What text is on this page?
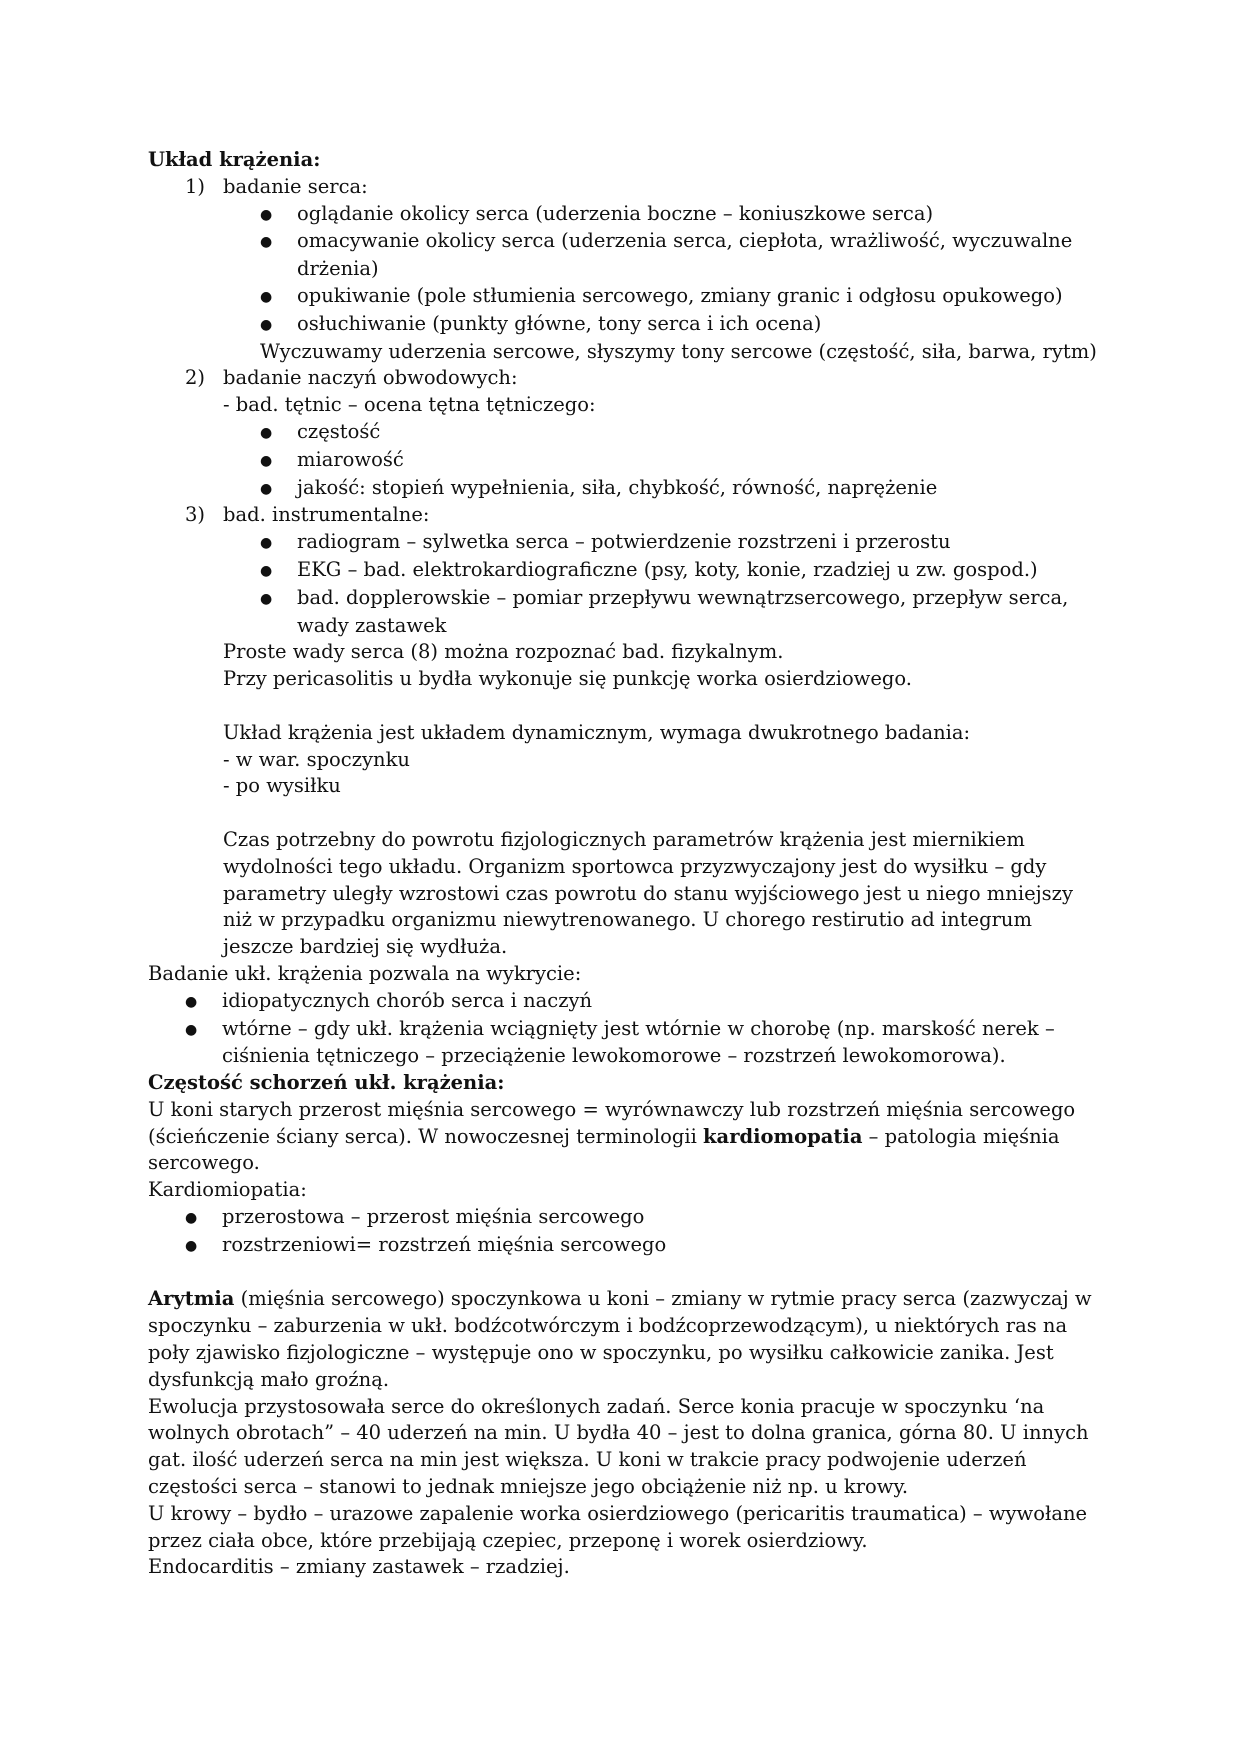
Układ krążenia:
1) badanie serca:
● oglądanie okolicy serca (uderzenia boczne – koniuszkowe serca)
● omacywanie okolicy serca (uderzenia serca, ciepłota, wrażliwość, wyczuwalne
drżenia)
● opukiwanie (pole stłumienia sercowego, zmiany granic i odgłosu opukowego)
● osłuchiwanie (punkty główne, tony serca i ich ocena)
Wyczuwamy uderzenia sercowe, słyszymy tony sercowe (częstość, siła, barwa, rytm)
2) badanie naczyń obwodowych:
- bad. tętnic – ocena tętna tętniczego:
● częstość
● miarowość
● jakość: stopień wypełnienia, siła, chybkość, równość, naprężenie
3) bad. instrumentalne:
● radiogram – sylwetka serca – potwierdzenie rozstrzeni i przerostu
● EKG – bad. elektrokardiograficzne (psy, koty, konie, rzadziej u zw. gospod.)
● bad. dopplerowskie – pomiar przepływu wewnątrzsercowego, przepływ serca,
wady zastawek
Proste wady serca (8) można rozpoznać bad. fizykalnym.
Przy pericasolitis u bydła wykonuje się punkcję worka osierdziowego.
Układ krążenia jest układem dynamicznym, wymaga dwukrotnego badania:
- w war. spoczynku
- po wysiłku
Czas potrzebny do powrotu fizjologicznych parametrów krążenia jest miernikiem
wydolności tego układu. Organizm sportowca przyzwyczajony jest do wysiłku – gdy
parametry uległy wzrostowi czas powrotu do stanu wyjściowego jest u niego mniejszy
niż w przypadku organizmu niewytrenowanego. U chorego restirutio ad integrum
jeszcze bardziej się wydłuża.
Badanie ukł. krążenia pozwala na wykrycie:
● idiopatycznych chorób serca i naczyń
● wtórne – gdy ukł. krążenia wciągnięty jest wtórnie w chorobę (np. marskość nerek –
ciśnienia tętniczego – przeciążenie lewokomorowe – rozstrzeń lewokomorowa).
Częstość schorzeń ukł. krążenia:
U koni starych przerost mięśnia sercowego = wyrównawczy lub rozstrzeń mięśnia sercowego
(ścieńczenie ściany serca). W nowoczesnej terminologii kardiomopatia – patologia mięśnia
sercowego.
Kardiomiopatia:
● przerostowa – przerost mięśnia sercowego
● rozstrzeniowi= rozstrzeń mięśnia sercowego
Arytmia (mięśnia sercowego) spoczynkowa u koni – zmiany w rytmie pracy serca (zazwyczaj w
spoczynku – zaburzenia w ukł. bodźcotwórczym i bodźcoprzewodzącym), u niektórych ras na
poły zjawisko fizjologiczne – występuje ono w spoczynku, po wysiłku całkowicie zanika. Jest
dysfunkcją mało groźną.
Ewolucja przystosowała serce do określonych zadań. Serce konia pracuje w spoczynku ‘na
wolnych obrotach” – 40 uderzeń na min. U bydła 40 – jest to dolna granica, górna 80. U innych
gat. ilość uderzeń serca na min jest większa. U koni w trakcie pracy podwojenie uderzeń
częstości serca – stanowi to jednak mniejsze jego obciążenie niż np. u krowy.
U krowy – bydło – urazowe zapalenie worka osierdziowego (pericaritis traumatica) – wywołane
przez ciała obce, które przebijają czepiec, przeponę i worek osierdziowy.
Endocarditis – zmiany zastawek – rzadziej.
